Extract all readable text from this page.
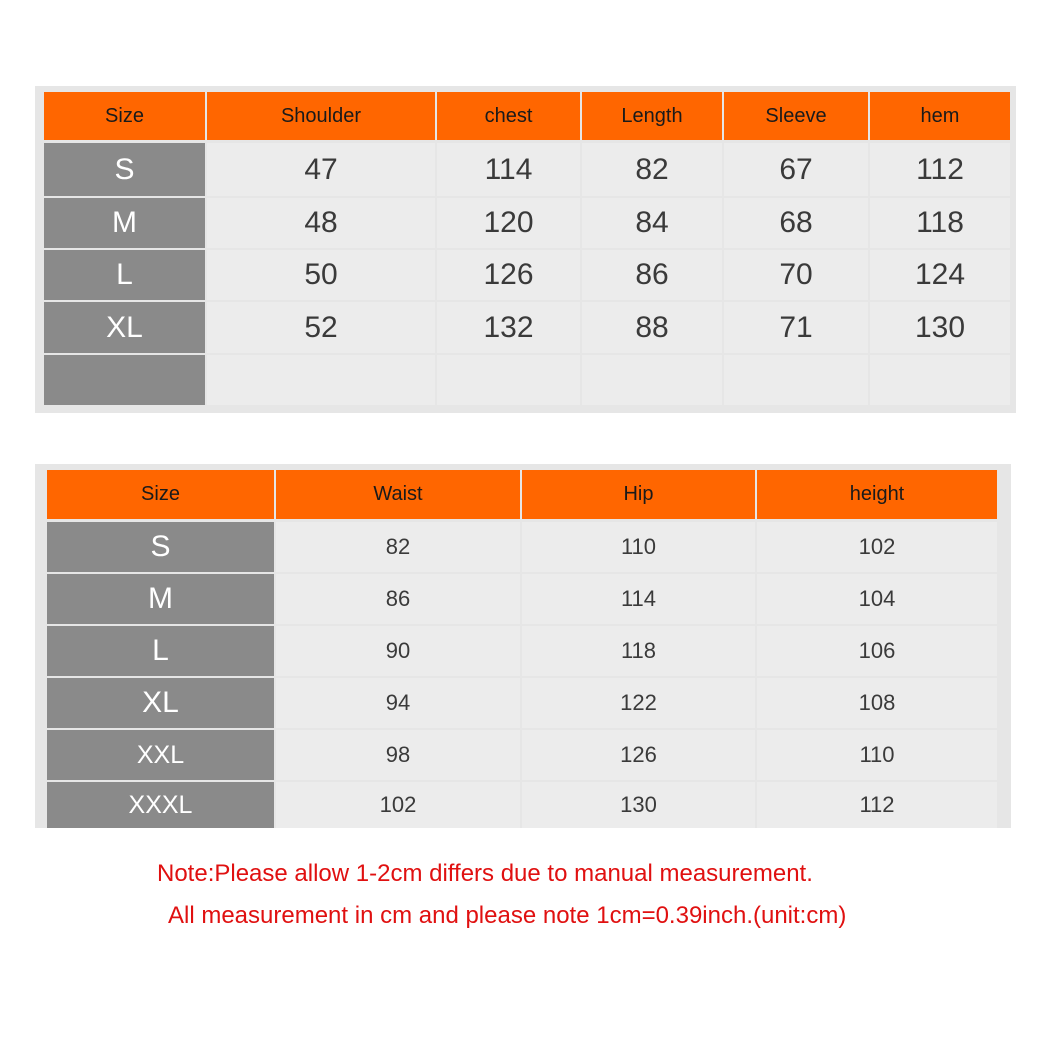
Size	Shoulder	chest	Length	Sleeve	hem
S	47	114	82	67	112
M	48	120	84	68	118
L	50	126	86	70	124
XL	52	132	88	71	130
Size	Waist	Hip	height
S	82	110	102
M	86	114	104
L	90	118	106
XL	94	122	108
XXL	98	126	110
XXXL	102	130	112
Note:Please allow 1-2cm differs due to manual measurement.
All measurement in cm and please note 1cm=0.39inch.(unit:cm)
